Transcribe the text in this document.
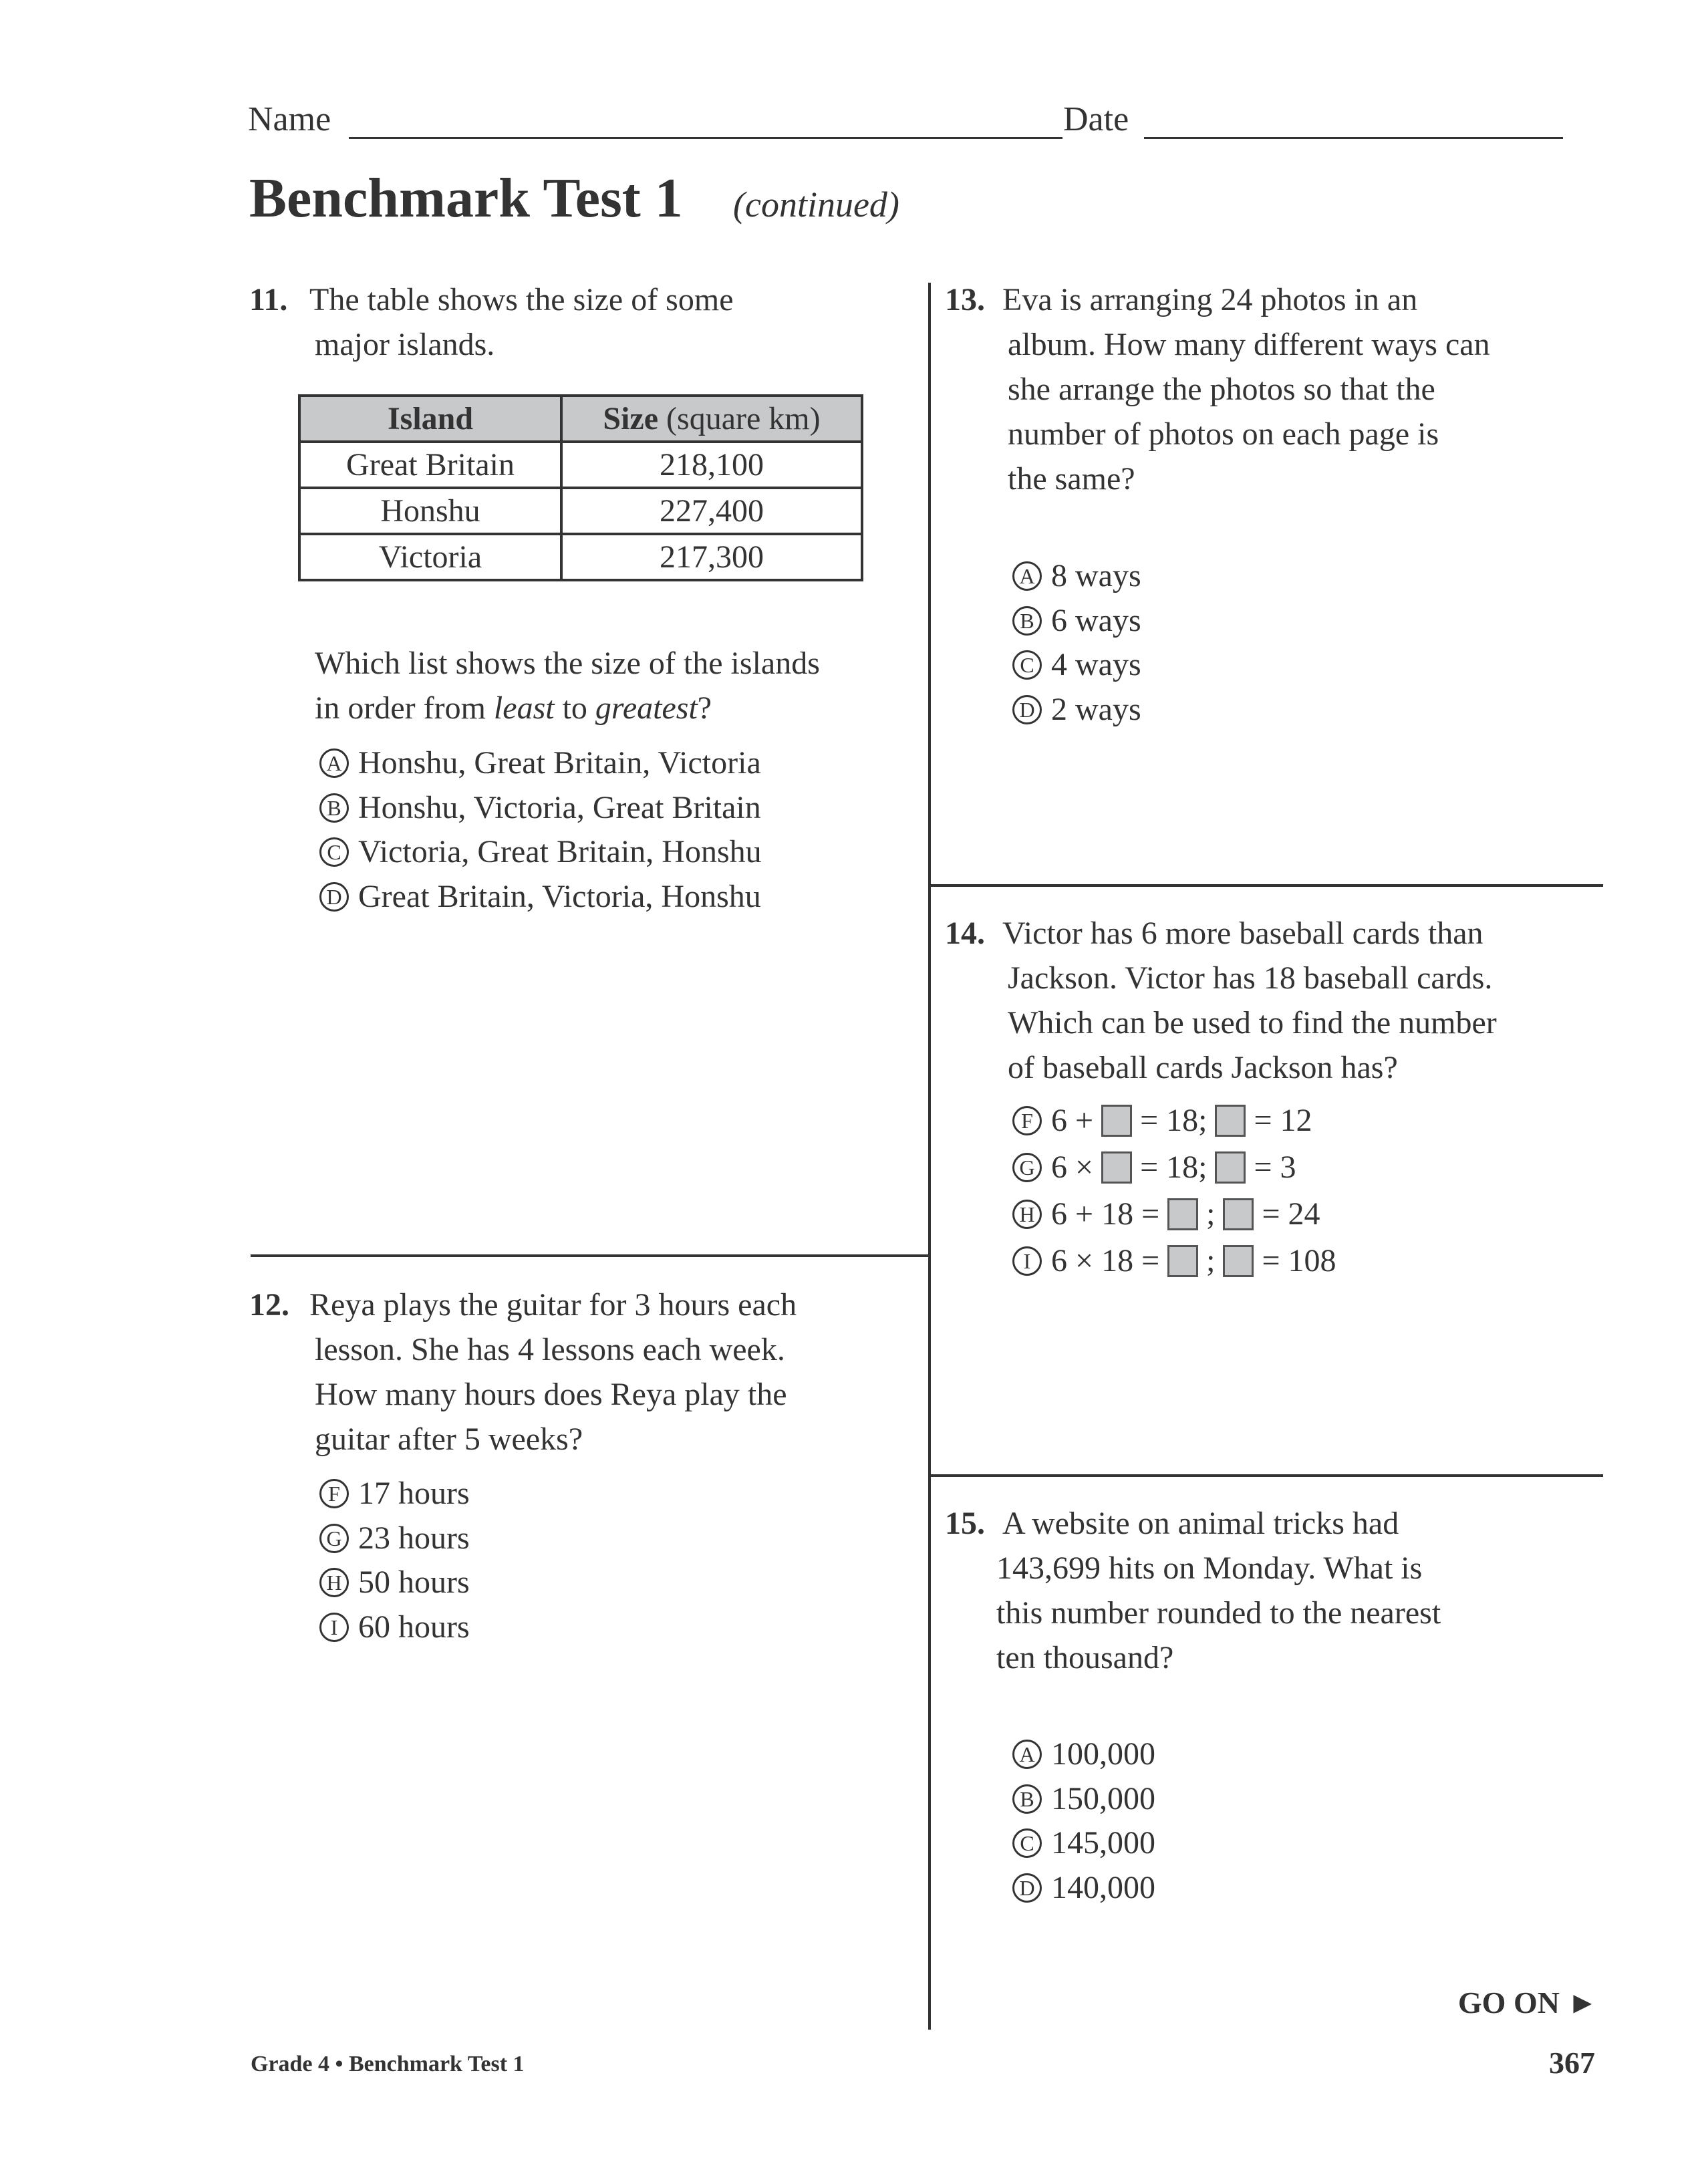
Name	Date
Benchmark Test 1 (continued)
11. The table shows the size of some
major islands.
Island	Size (square km)
Great Britain	218,100
Honshu	227,400
Victoria	217,300
Which list shows the size of the islands
in order from least to greatest?
A Honshu, Great Britain, Victoria
B Honshu, Victoria, Great Britain
C Victoria, Great Britain, Honshu
D Great Britain, Victoria, Honshu
12. Reya plays the guitar for 3 hours each
lesson. She has 4 lessons each week.
How many hours does Reya play the
guitar after 5 weeks?
F 17 hours
G 23 hours
H 50 hours
I 60 hours
13. Eva is arranging 24 photos in an
album. How many different ways can
she arrange the photos so that the
number of photos on each page is
the same?
A 8 ways
B 6 ways
C 4 ways
D 2 ways
14. Victor has 6 more baseball cards than
Jackson. Victor has 18 baseball cards.
Which can be used to find the number
of baseball cards Jackson has?
F 6 + = 18; = 12
G 6 × = 18; = 3
H 6 + 18 = ; = 24
I 6 × 18 = ; = 108
15. A website on animal tricks had
143,699 hits on Monday. What is
this number rounded to the nearest
ten thousand?
A 100,000
B 150,000
C 145,000
D 140,000
GO ON ►
Grade 4 • Benchmark Test 1	367
